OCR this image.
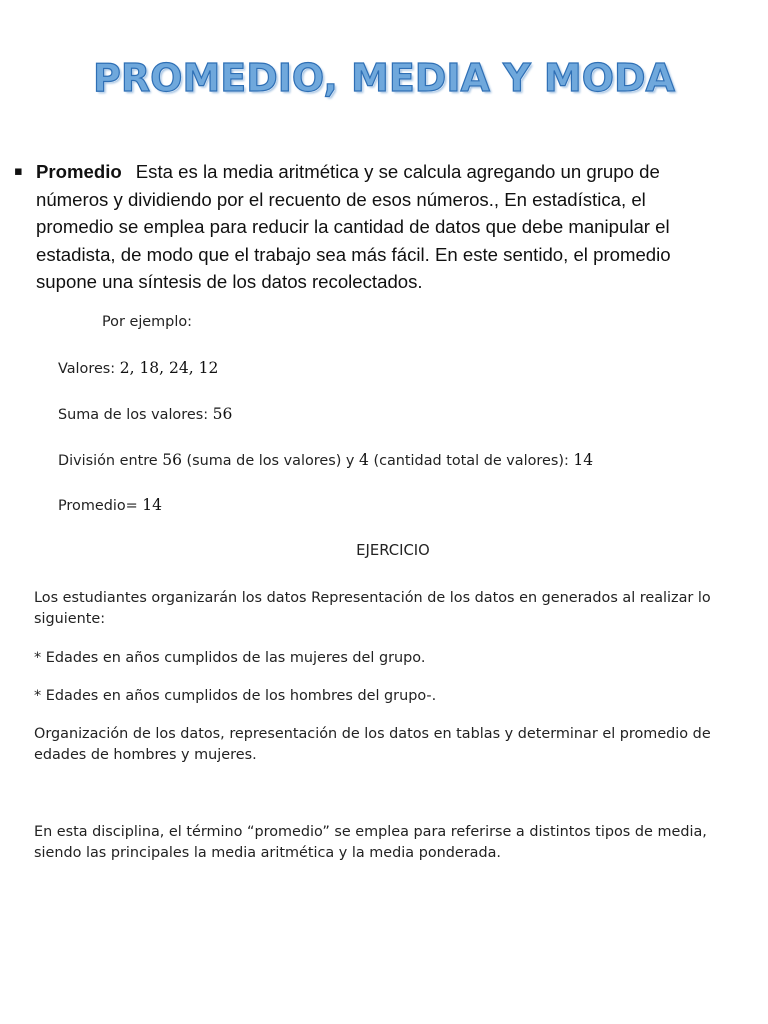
PROMEDIO, MEDIA Y MODA
▪ Promedio Esta es la media aritmética y se calcula agregando un grupo de números y dividiendo por el recuento de esos números., En estadística, el promedio se emplea para reducir la cantidad de datos que debe manipular el estadista, de modo que el trabajo sea más fácil. En este sentido, el promedio supone una síntesis de los datos recolectados.
Por ejemplo:
Valores: 2, 18, 24, 12
Suma de los valores: 56
División entre 56 (suma de los valores) y 4 (cantidad total de valores): 14
Promedio= 14
EJERCICIO
Los estudiantes organizarán los datos Representación de los datos en generados al realizar lo siguiente:
* Edades en años cumplidos de las mujeres del grupo.
* Edades en años cumplidos de los hombres del grupo-.
Organización de los datos, representación de los datos en tablas y determinar el promedio de edades de hombres y mujeres.
En esta disciplina, el término “promedio” se emplea para referirse a distintos tipos de media, siendo las principales la media aritmética y la media ponderada.
